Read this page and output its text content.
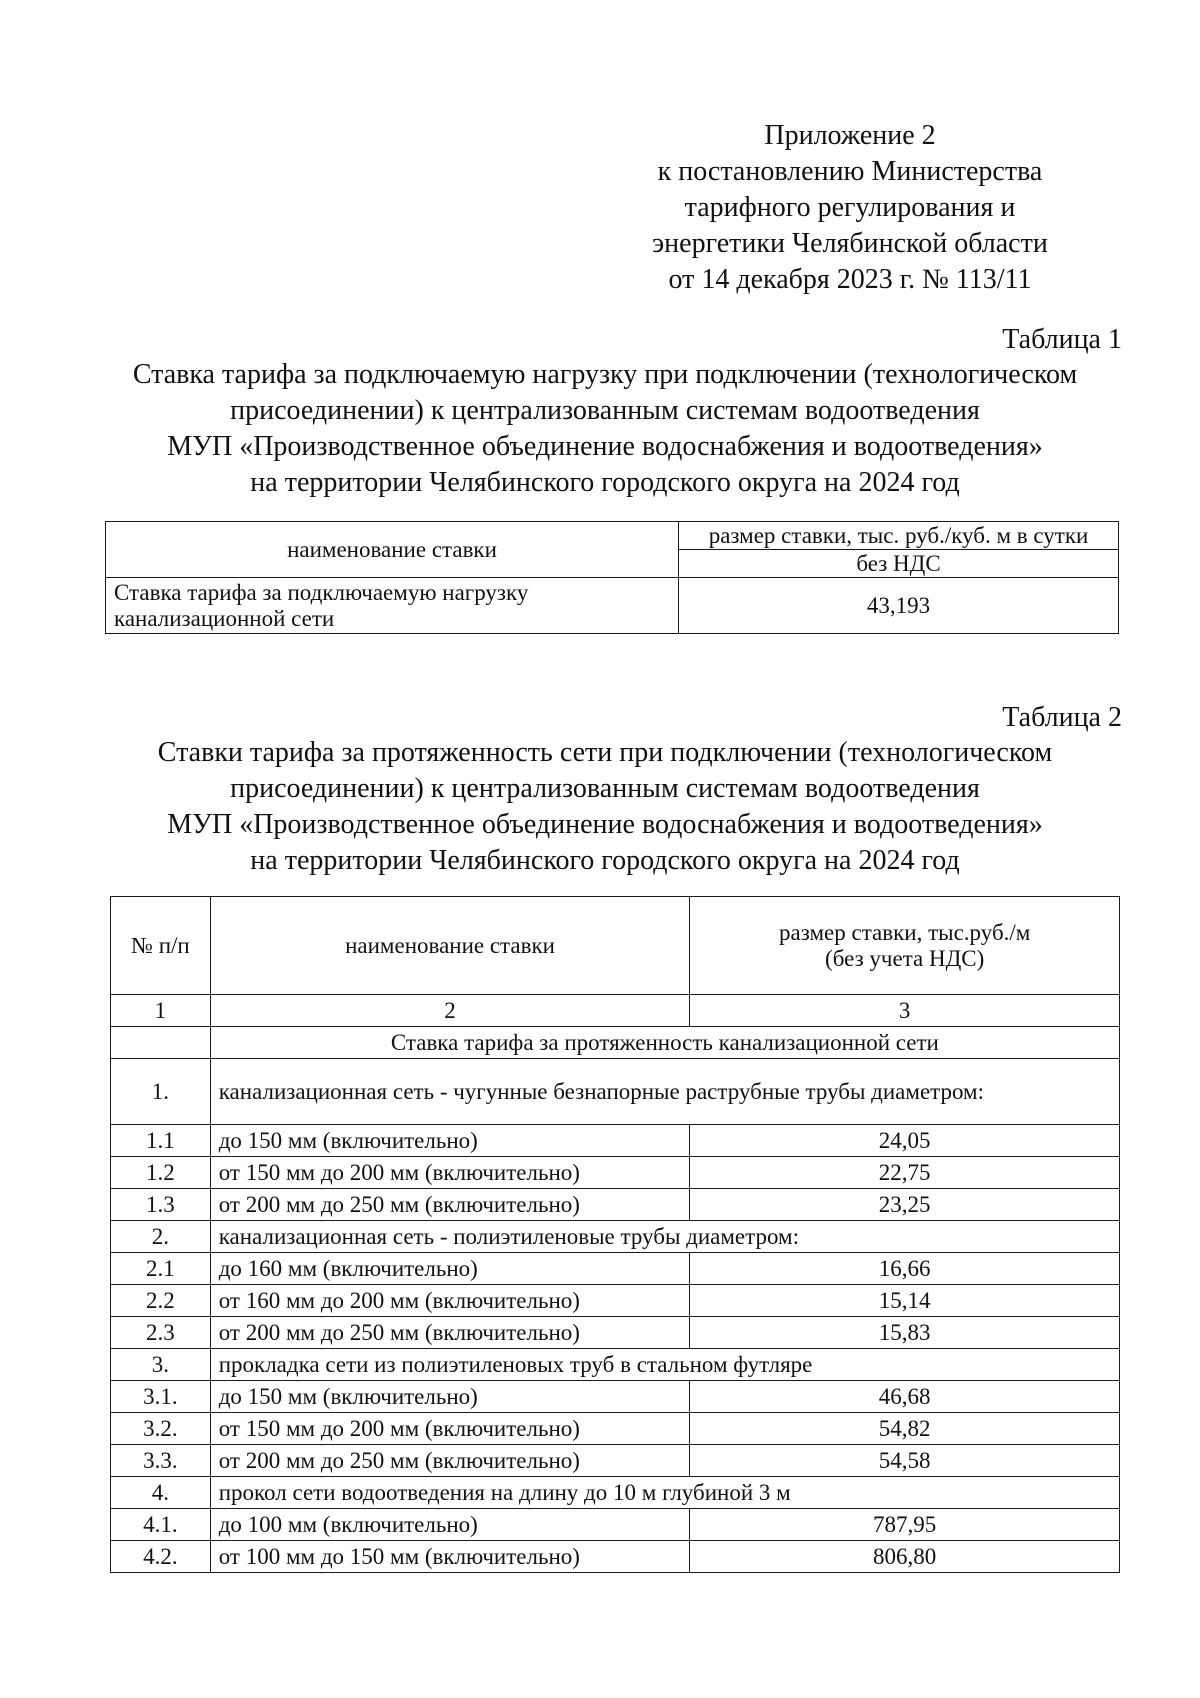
Приложение 2
к постановлению Министерства
тарифного регулирования и
энергетики Челябинской области
от 14 декабря 2023 г. № 113/11
Таблица 1
Ставка тарифа за подключаемую нагрузку при подключении (технологическом
присоединении) к централизованным системам водоотведения
МУП «Производственное объединение водоснабжения и водоотведения»
на территории Челябинского городского округа на 2024 год
наименование ставки	размер ставки, тыс. руб./куб. м в сутки
	без НДС

Ставка тарифа за подключаемую нагрузку
канализационной сети	43,193
Таблица 2
Ставки тарифа за протяженность сети при подключении (технологическом
присоединении) к централизованным системам водоотведения
МУП «Производственное объединение водоснабжения и водоотведения»
на территории Челябинского городского округа на 2024 год
№ п/п	наименование ставки	размер ставки, тыс.руб./м
(без учета НДС)

1	2	3
	Ставка тарифа за протяженность канализационной сети	
1.	канализационная сеть - чугунные безнапорные раструбные трубы диаметром:	
1.1	до 150 мм (включительно)	24,05
1.2	от 150 мм до 200 мм (включительно)	22,75
1.3	от 200 мм до 250 мм (включительно)	23,25
2.	канализационная сеть - полиэтиленовые трубы диаметром:	
2.1	до 160 мм (включительно)	16,66
2.2	от 160 мм до 200 мм (включительно)	15,14
2.3	от 200 мм до 250 мм (включительно)	15,83
3.	прокладка сети из полиэтиленовых труб в стальном футляре	
3.1.	до 150 мм (включительно)	46,68
3.2.	от 150 мм до 200 мм (включительно)	54,82
3.3.	от 200 мм до 250 мм (включительно)	54,58
4.	прокол сети водоотведения на длину до 10 м глубиной 3 м	
4.1.	до 100 мм (включительно)	787,95
4.2.	от 100 мм до 150 мм (включительно)	806,80
